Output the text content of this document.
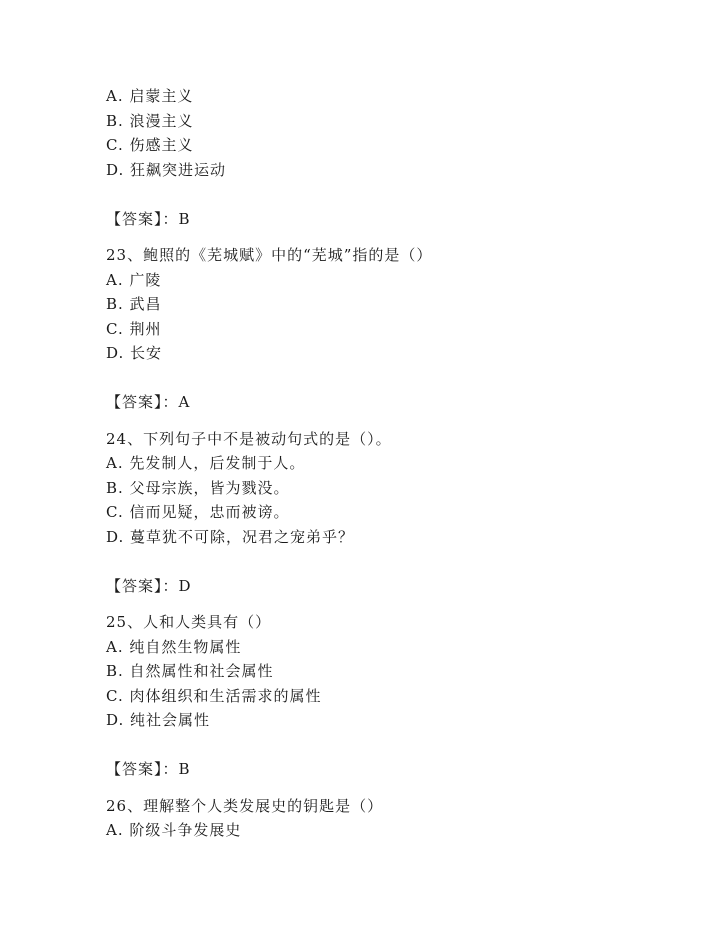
A. 启蒙主义
B. 浪漫主义
C. 伤感主义
D. 狂飙突进运动
【答案】：B
23、鲍照的《芜城赋》中的“芜城”指的是（）
A. 广陵
B. 武昌
C. 荆州
D. 长安
【答案】：A
24、下列句子中不是被动句式的是（）。
A. 先发制人，后发制于人。
B. 父母宗族，皆为戮没。
C. 信而见疑，忠而被谤。
D. 蔓草犹不可除，况君之宠弟乎？
【答案】：D
25、人和人类具有（）
A. 纯自然生物属性
B. 自然属性和社会属性
C. 肉体组织和生活需求的属性
D. 纯社会属性
【答案】：B
26、理解整个人类发展史的钥匙是（）
A. 阶级斗争发展史
